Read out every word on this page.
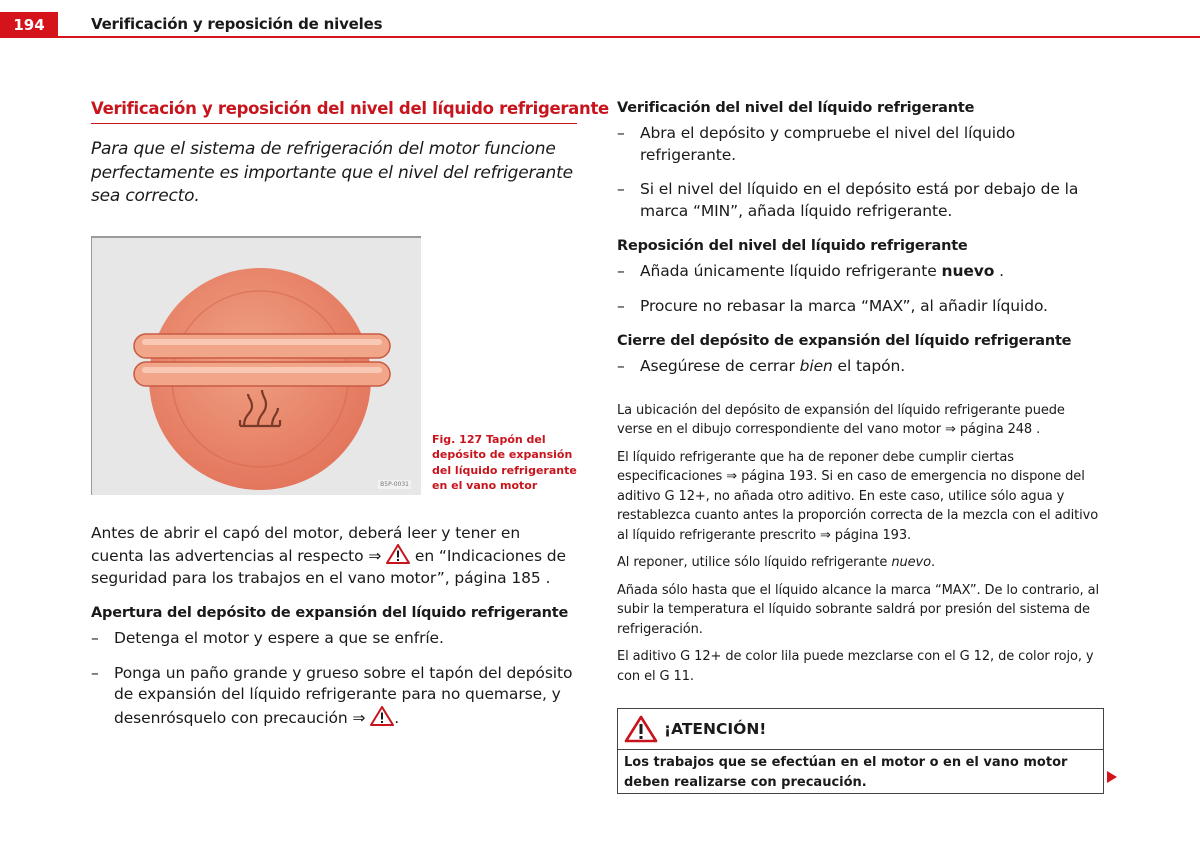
194	Verificación y reposición de niveles
Verificación y reposición del nivel del líquido refrigerante

Para que el sistema de refrigeración del motor funcione perfectamente es importante que el nivel del refrigerante sea correcto.

B5P-0031
Fig. 127 Tapón del depósito de expansión del líquido refrigerante en el vano motor

Antes de abrir el capó del motor, deberá leer y tener en cuenta las advertencias al respecto ⇒  en “Indicaciones de seguridad para los trabajos en el vano motor”, página 185 .

Apertura del depósito de expansión del líquido refrigerante

– Detenga el motor y espere a que se enfríe.
– Ponga un paño grande y grueso sobre el tapón del depósito de expansión del líquido refrigerante para no quemarse, y desenrósquelo con precaución ⇒ .

Verificación del nivel del líquido refrigerante

– Abra el depósito y compruebe el nivel del líquido refrigerante.
– Si el nivel del líquido en el depósito está por debajo de la marca “MIN”, añada líquido refrigerante.

Reposición del nivel del líquido refrigerante

– Añada únicamente líquido refrigerante nuevo .
– Procure no rebasar la marca “MAX”, al añadir líquido.

Cierre del depósito de expansión del líquido refrigerante

– Asegúrese de cerrar bien el tapón.

La ubicación del depósito de expansión del líquido refrigerante puede verse en el dibujo correspondiente del vano motor ⇒ página 248 .

El líquido refrigerante que ha de reponer debe cumplir ciertas especificaciones ⇒ página 193. Si en caso de emergencia no dispone del aditivo G 12+, no añada otro aditivo. En este caso, utilice sólo agua y restablezca cuanto antes la proporción correcta de la mezcla con el aditivo al líquido refrigerante prescrito ⇒ página 193.

Al reponer, utilice sólo líquido refrigerante nuevo.

Añada sólo hasta que el líquido alcance la marca “MAX”. De lo contrario, al subir la temperatura el líquido sobrante saldrá por presión del sistema de refrigeración.

El aditivo G 12+ de color lila puede mezclarse con el G 12, de color rojo, y con el G 11.

¡ATENCIÓN!
Los trabajos que se efectúan en el motor o en el vano motor deben realizarse con precaución.
